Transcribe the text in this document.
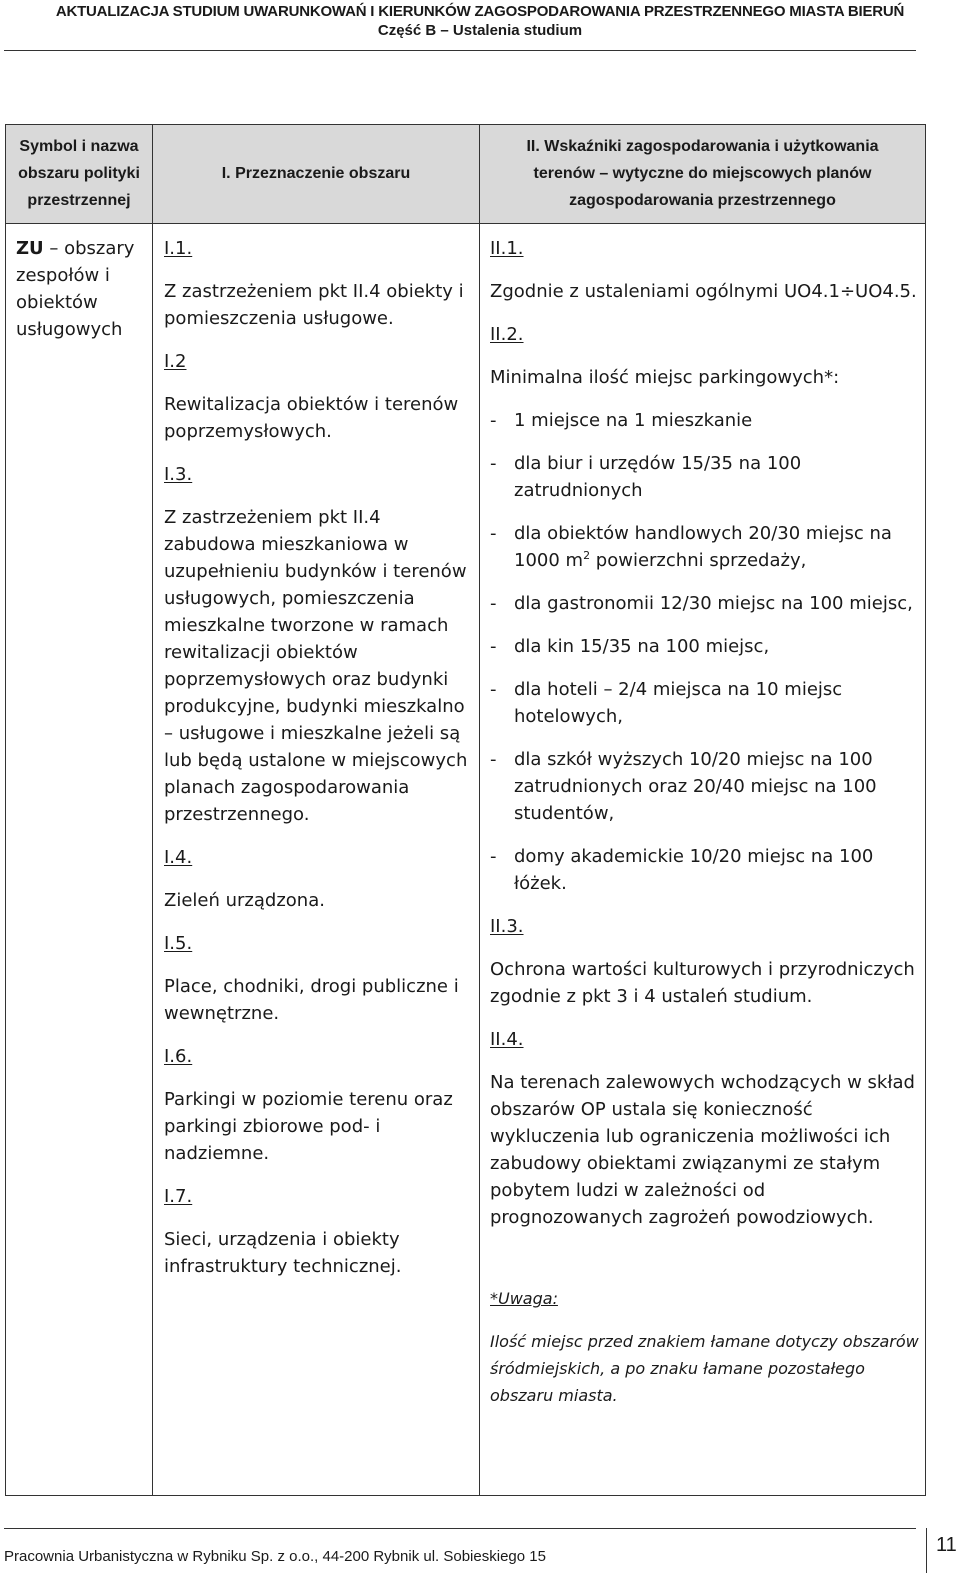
AKTUALIZACJA STUDIUM UWARUNKOWAŃ I KIERUNKÓW ZAGOSPODAROWANIA PRZESTRZENNEGO MIASTA BIERUŃ
Część B – Ustalenia studium
Symbol i nazwa
obszaru polityki
przestrzennej
I. Przeznaczenie obszaru
II. Wskaźniki zagospodarowania i użytkowania
terenów – wytyczne do miejscowych planów
zagospodarowania przestrzennego
ZU – obszary zespołów i obiektów usługowych

I.1.

Z zastrzeżeniem pkt II.4 obiekty i pomieszczenia usługowe.

I.2

Rewitalizacja obiektów i terenów poprzemysłowych.

I.3.

Z zastrzeżeniem pkt II.4 zabudowa mieszkaniowa w uzupełnieniu budynków i terenów usługowych, pomieszczenia mieszkalne tworzone w ramach rewitalizacji obiektów poprzemysłowych oraz budynki produkcyjne, budynki mieszkalno – usługowe i mieszkalne jeżeli są lub będą ustalone w miejscowych planach zagospodarowania przestrzennego.

I.4.

Zieleń urządzona.

I.5.

Place, chodniki, drogi publiczne i wewnętrzne.

I.6.

Parkingi w poziomie terenu oraz parkingi zbiorowe pod- i nadziemne.

I.7.

Sieci, urządzenia i obiekty infrastruktury technicznej.

II.1.

Zgodnie z ustaleniami ogólnymi UO4.1÷UO4.5.

II.2.

Minimalna ilość miejsc parkingowych*:

- 1 miejsce na 1 mieszkanie
- dla biur i urzędów 15/35 na 100 zatrudnionych
- dla obiektów handlowych 20/30 miejsc na 1000 $m^2$ powierzchni sprzedaży,
- dla gastronomii 12/30 miejsc na 100 miejsc,
- dla kin 15/35 na 100 miejsc,
- dla hoteli – 2/4 miejsca na 10 miejsc hotelowych,
- dla szkół wyższych 10/20 miejsc na 100 zatrudnionych oraz 20/40 miejsc na 100 studentów,
- domy akademickie 10/20 miejsc na 100 łóżek.

II.3.

Ochrona wartości kulturowych i przyrodniczych zgodnie z pkt 3 i 4 ustaleń studium.

II.4.

Na terenach zalewowych wchodzących w skład obszarów OP ustala się konieczność wykluczenia lub ograniczenia możliwości ich zabudowy obiektami związanymi ze stałym pobytem ludzi w zależności od prognozowanych zagrożeń powodziowych.

*Uwaga:

Ilość miejsc przed znakiem łamane dotyczy obszarów śródmiejskich, a po znaku łamane pozostałego obszaru miasta.

Pracownia Urbanistyczna w Rybniku Sp. z o.o., 44-200 Rybnik ul. Sobieskiego 15
11
